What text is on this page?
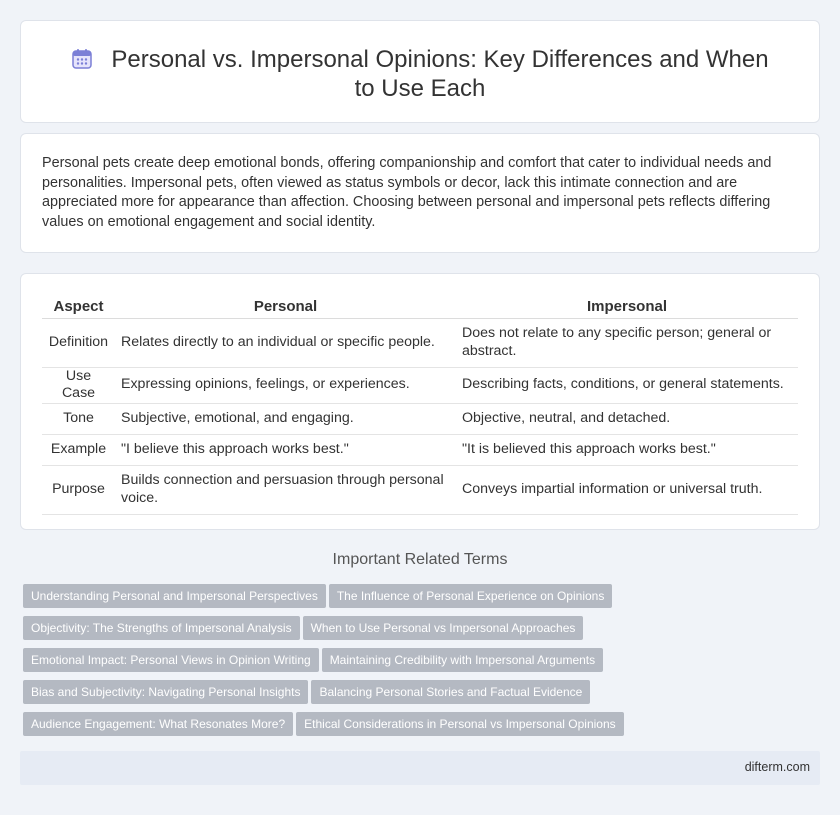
Personal vs. Impersonal Opinions: Key Differences and When to Use Each

Personal pets create deep emotional bonds, offering companionship and comfort that cater to individual needs and personalities. Impersonal pets, often viewed as status symbols or decor, lack this intimate connection and are appreciated more for appearance than affection. Choosing between personal and impersonal pets reflects differing values on emotional engagement and social identity.

Aspect	Personal	Impersonal
Definition	Relates directly to an individual or specific people.	Does not relate to any specific person; general or abstract.
Use Case	Expressing opinions, feelings, or experiences.	Describing facts, conditions, or general statements.
Tone	Subjective, emotional, and engaging.	Objective, neutral, and detached.
Example	"I believe this approach works best."	"It is believed this approach works best."
Purpose	Builds connection and persuasion through personal voice.	Conveys impartial information or universal truth.
Important Related Terms
Understanding Personal and Impersonal Perspectives The Influence of Personal Experience on Opinions
Objectivity: The Strengths of Impersonal Analysis When to Use Personal vs Impersonal Approaches
Emotional Impact: Personal Views in Opinion Writing Maintaining Credibility with Impersonal Arguments
Bias and Subjectivity: Navigating Personal Insights Balancing Personal Stories and Factual Evidence
Audience Engagement: What Resonates More? Ethical Considerations in Personal vs Impersonal Opinions
difterm.com
